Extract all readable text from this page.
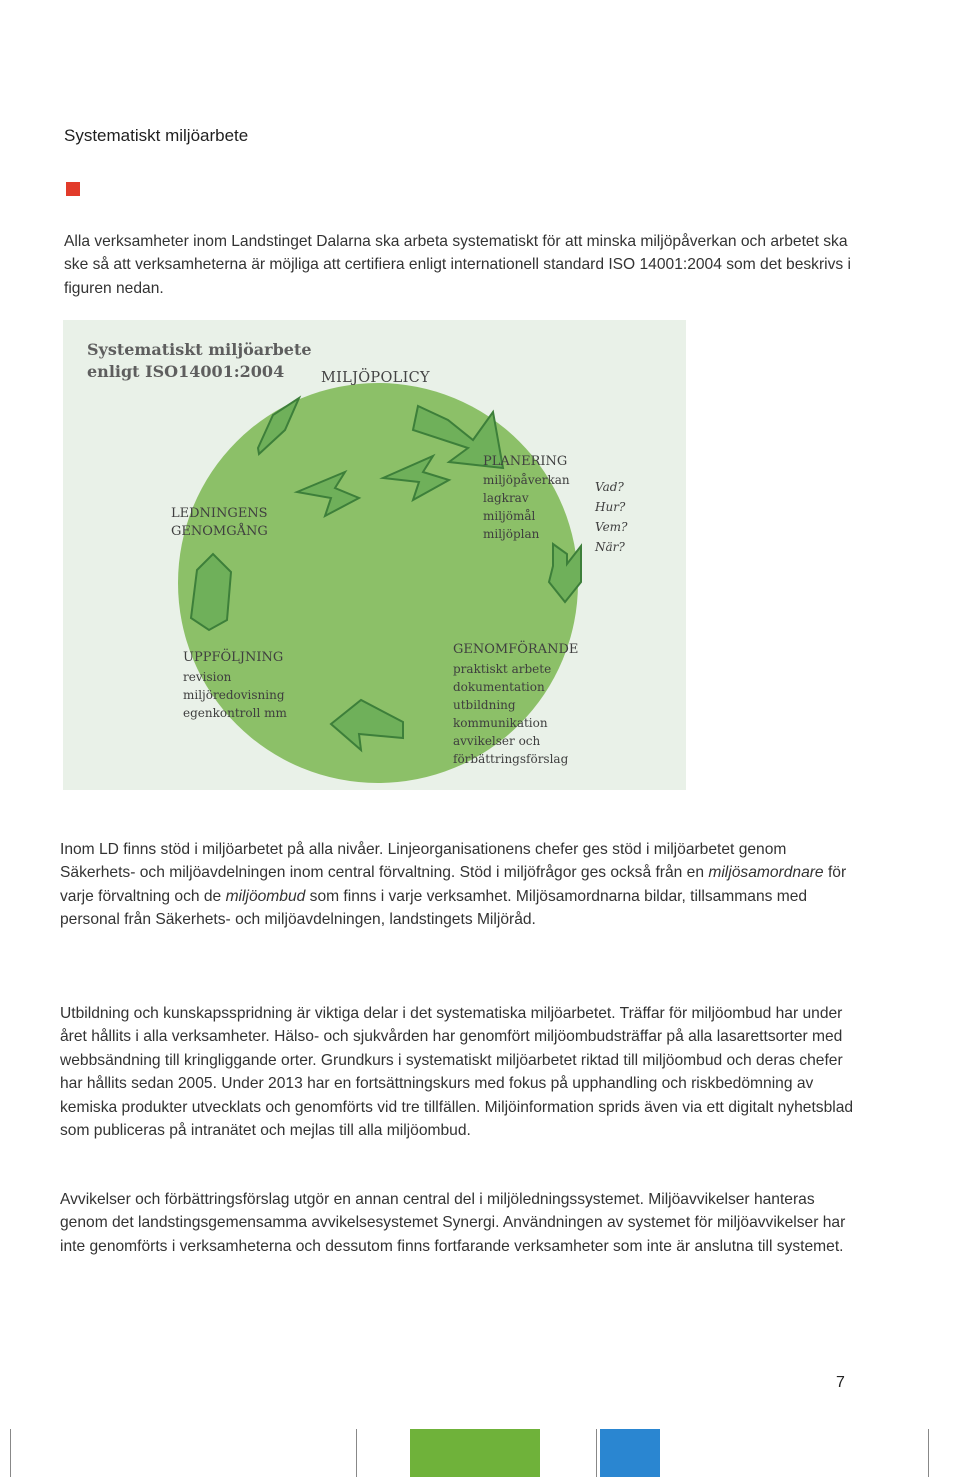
Systematiskt miljöarbete

Alla verksamheter inom Landstinget Dalarna ska arbeta systematiskt för att minska miljöpåverkan och arbetet ska ske så att verksamheterna är möjliga att certifiera enligt internationell standard ISO 14001:2004 som det beskrivs i figuren nedan.

Systematiskt miljöarbete
enligt ISO14001:2004	MILJÖPOLICY
PLANERING
miljöpåverkan
lagkrav
miljömål
miljöplan
Vad?
Hur?
Vem?
När?
LEDNINGENS
GENOMGÅNG
UPPFÖLJNING
revision
miljöredovisning
egenkontroll mm
GENOMFÖRANDE
praktiskt arbete
dokumentation
utbildning
kommunikation
avvikelser och
förbättringsförslag

Inom LD finns stöd i miljöarbetet på alla nivåer. Linjeorganisationens chefer ges stöd i miljöarbetet genom Säkerhets- och miljöavdelningen inom central förvaltning. Stöd i miljöfrågor ges också från en miljösamordnare för varje förvaltning och de miljöombud som finns i varje verksamhet. Miljösamordnarna bildar, tillsammans med personal från Säkerhets- och miljöavdelningen, landstingets Miljöråd.

Utbildning och kunskapsspridning är viktiga delar i det systematiska miljöarbetet. Träffar för miljöombud har under året hållits i alla verksamheter. Hälso- och sjukvården har genomfört miljöombudsträffar på alla lasarettsorter med webbsändning till kringliggande orter. Grundkurs i systematiskt miljöarbetet riktad till miljöombud och deras chefer har hållits sedan 2005. Under 2013 har en fortsättningskurs med fokus på upphandling och riskbedömning av kemiska produkter utvecklats och genomförts vid tre tillfällen. Miljöinformation sprids även via ett digitalt nyhetsblad som publiceras på intranätet och mejlas till alla miljöombud.

Avvikelser och förbättringsförslag utgör en annan central del i miljöledningssystemet. Miljöavvikelser hanteras genom det landstingsgemensamma avvikelsesystemet Synergi. Användningen av systemet för miljöavvikelser har inte genomförts i verksamheterna och dessutom finns fortfarande verksamheter som inte är anslutna till systemet.

7
